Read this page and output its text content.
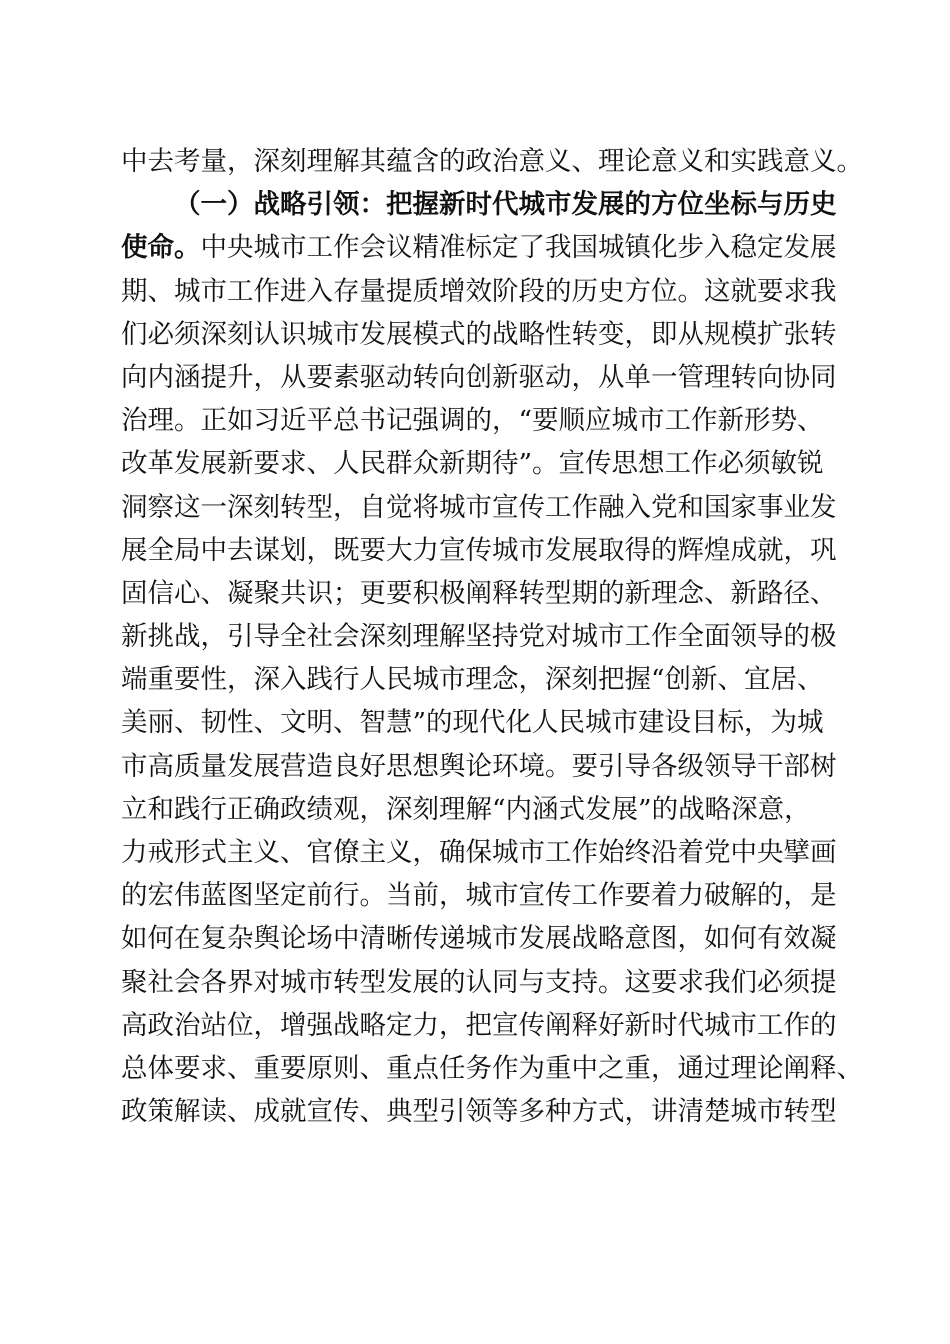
中去考量，深刻理解其蕴含的政治意义、理论意义和实践意义。
（一）战略引领：把握新时代城市发展的方位坐标与历史
使命。中央城市工作会议精准标定了我国城镇化步入稳定发展
期、城市工作进入存量提质增效阶段的历史方位。这就要求我
们必须深刻认识城市发展模式的战略性转变，即从规模扩张转
向内涵提升，从要素驱动转向创新驱动，从单一管理转向协同
治理。正如习近平总书记强调的，“要顺应城市工作新形势、
改革发展新要求、人民群众新期待”。宣传思想工作必须敏锐
洞察这一深刻转型，自觉将城市宣传工作融入党和国家事业发
展全局中去谋划，既要大力宣传城市发展取得的辉煌成就，巩
固信心、凝聚共识；更要积极阐释转型期的新理念、新路径、
新挑战，引导全社会深刻理解坚持党对城市工作全面领导的极
端重要性，深入践行人民城市理念，深刻把握“创新、宜居、
美丽、韧性、文明、智慧”的现代化人民城市建设目标，为城
市高质量发展营造良好思想舆论环境。要引导各级领导干部树
立和践行正确政绩观，深刻理解“内涵式发展”的战略深意，
力戒形式主义、官僚主义，确保城市工作始终沿着党中央擘画
的宏伟蓝图坚定前行。当前，城市宣传工作要着力破解的，是
如何在复杂舆论场中清晰传递城市发展战略意图，如何有效凝
聚社会各界对城市转型发展的认同与支持。这要求我们必须提
高政治站位，增强战略定力，把宣传阐释好新时代城市工作的
总体要求、重要原则、重点任务作为重中之重，通过理论阐释、
政策解读、成就宣传、典型引领等多种方式，讲清楚城市转型
